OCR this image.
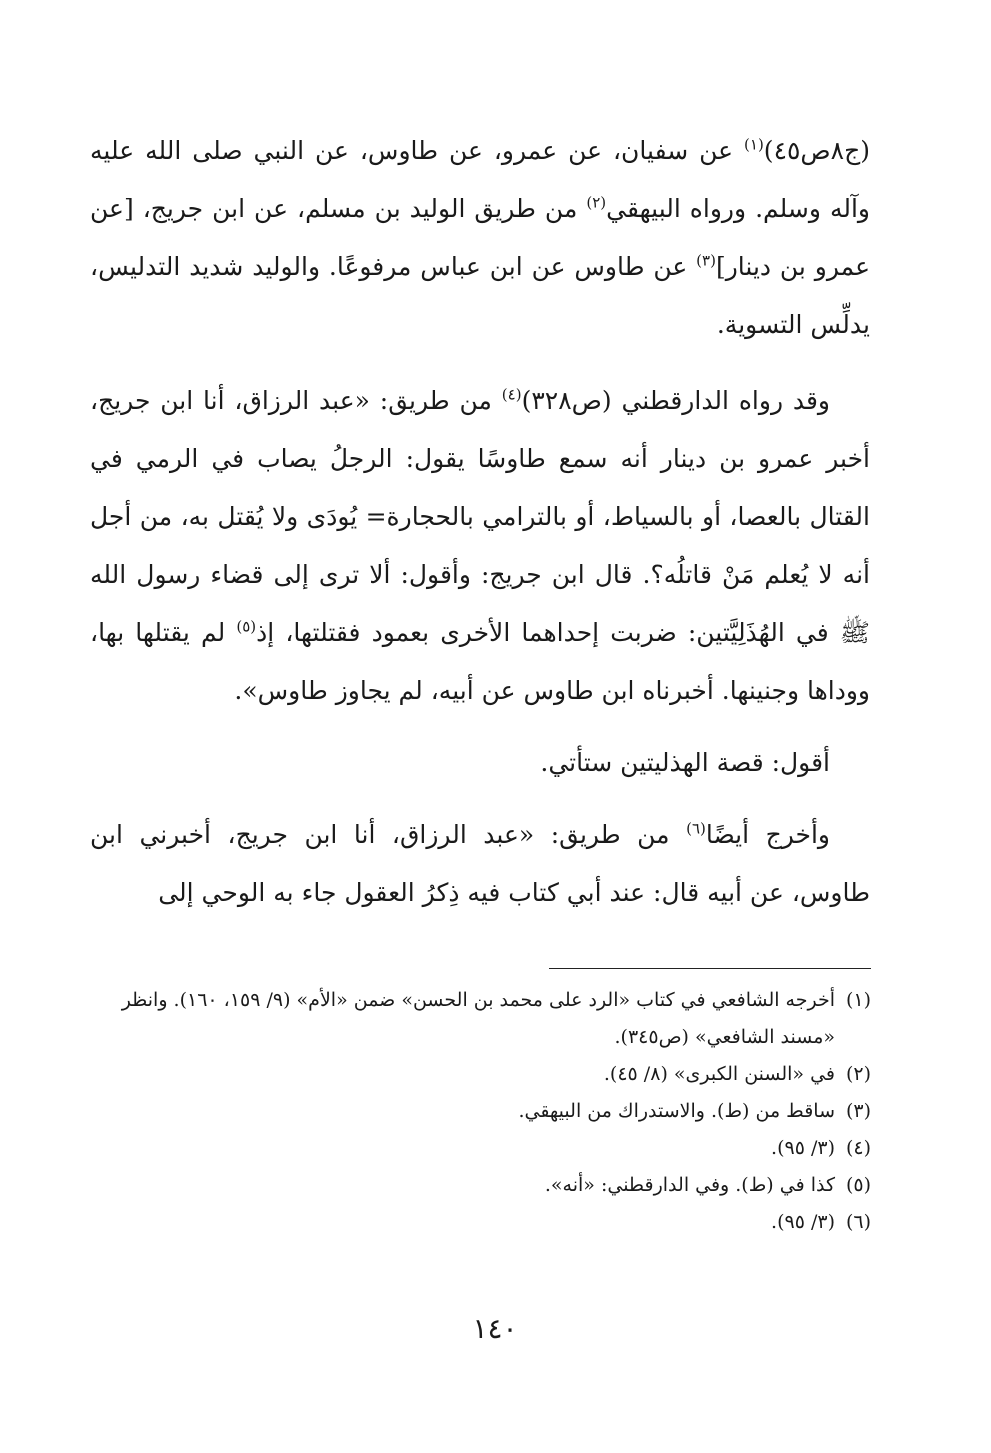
(ج٨ص٤٥)$^{(١)}$ عن سفيان، عن عمرو، عن طاوس، عن النبي صلى الله عليه وآله وسلم. ورواه البيهقي$^{(٢)}$ من طريق الوليد بن مسلم، عن ابن جريج، [عن عمرو بن دينار]$^{(٣)}$ عن طاوس عن ابن عباس مرفوعًا. والوليد شديد التدليس، يدلِّس التسوية.

وقد رواه الدارقطني (ص٣٢٨)$^{(٤)}$ من طريق: «عبد الرزاق، أنا ابن جريج، أخبر عمرو بن دينار أنه سمع طاوسًا يقول: الرجلُ يصاب في الرمي في القتال بالعصا، أو بالسياط، أو بالترامي بالحجارة= يُودَى ولا يُقتل به، من أجل أنه لا يُعلم مَنْ قاتلُه؟. قال ابن جريج: وأقول: ألا ترى إلى قضاء رسول الله ﷺ في الهُذَلِيَّتين: ضربت إحداهما الأخرى بعمود فقتلتها، إذ$^{(٥)}$ لم يقتلها بها، ووداها وجنينها. أخبرناه ابن طاوس عن أبيه، لم يجاوز طاوس».

أقول: قصة الهذليتين ستأتي.

وأخرج أيضًا$^{(٦)}$ من طريق: «عبد الرزاق، أنا ابن جريج، أخبرني ابن طاوس، عن أبيه قال: عند أبي كتاب فيه ذِكرُ العقول جاء به الوحي إلى

(١)أخرجه الشافعي في كتاب «الرد على محمد بن الحسن» ضمن «الأم» (٩/ ١٥٩، ١٦٠). وانظر «مسند الشافعي» (ص٣٤٥).
(٢)في «السنن الكبرى» (٨/ ٤٥).
(٣)ساقط من (ط). والاستدراك من البيهقي.
(٤)(٣/ ٩٥).
(٥)كذا في (ط). وفي الدارقطني: «أنه».
(٦)(٣/ ٩٥).
١٤٠
